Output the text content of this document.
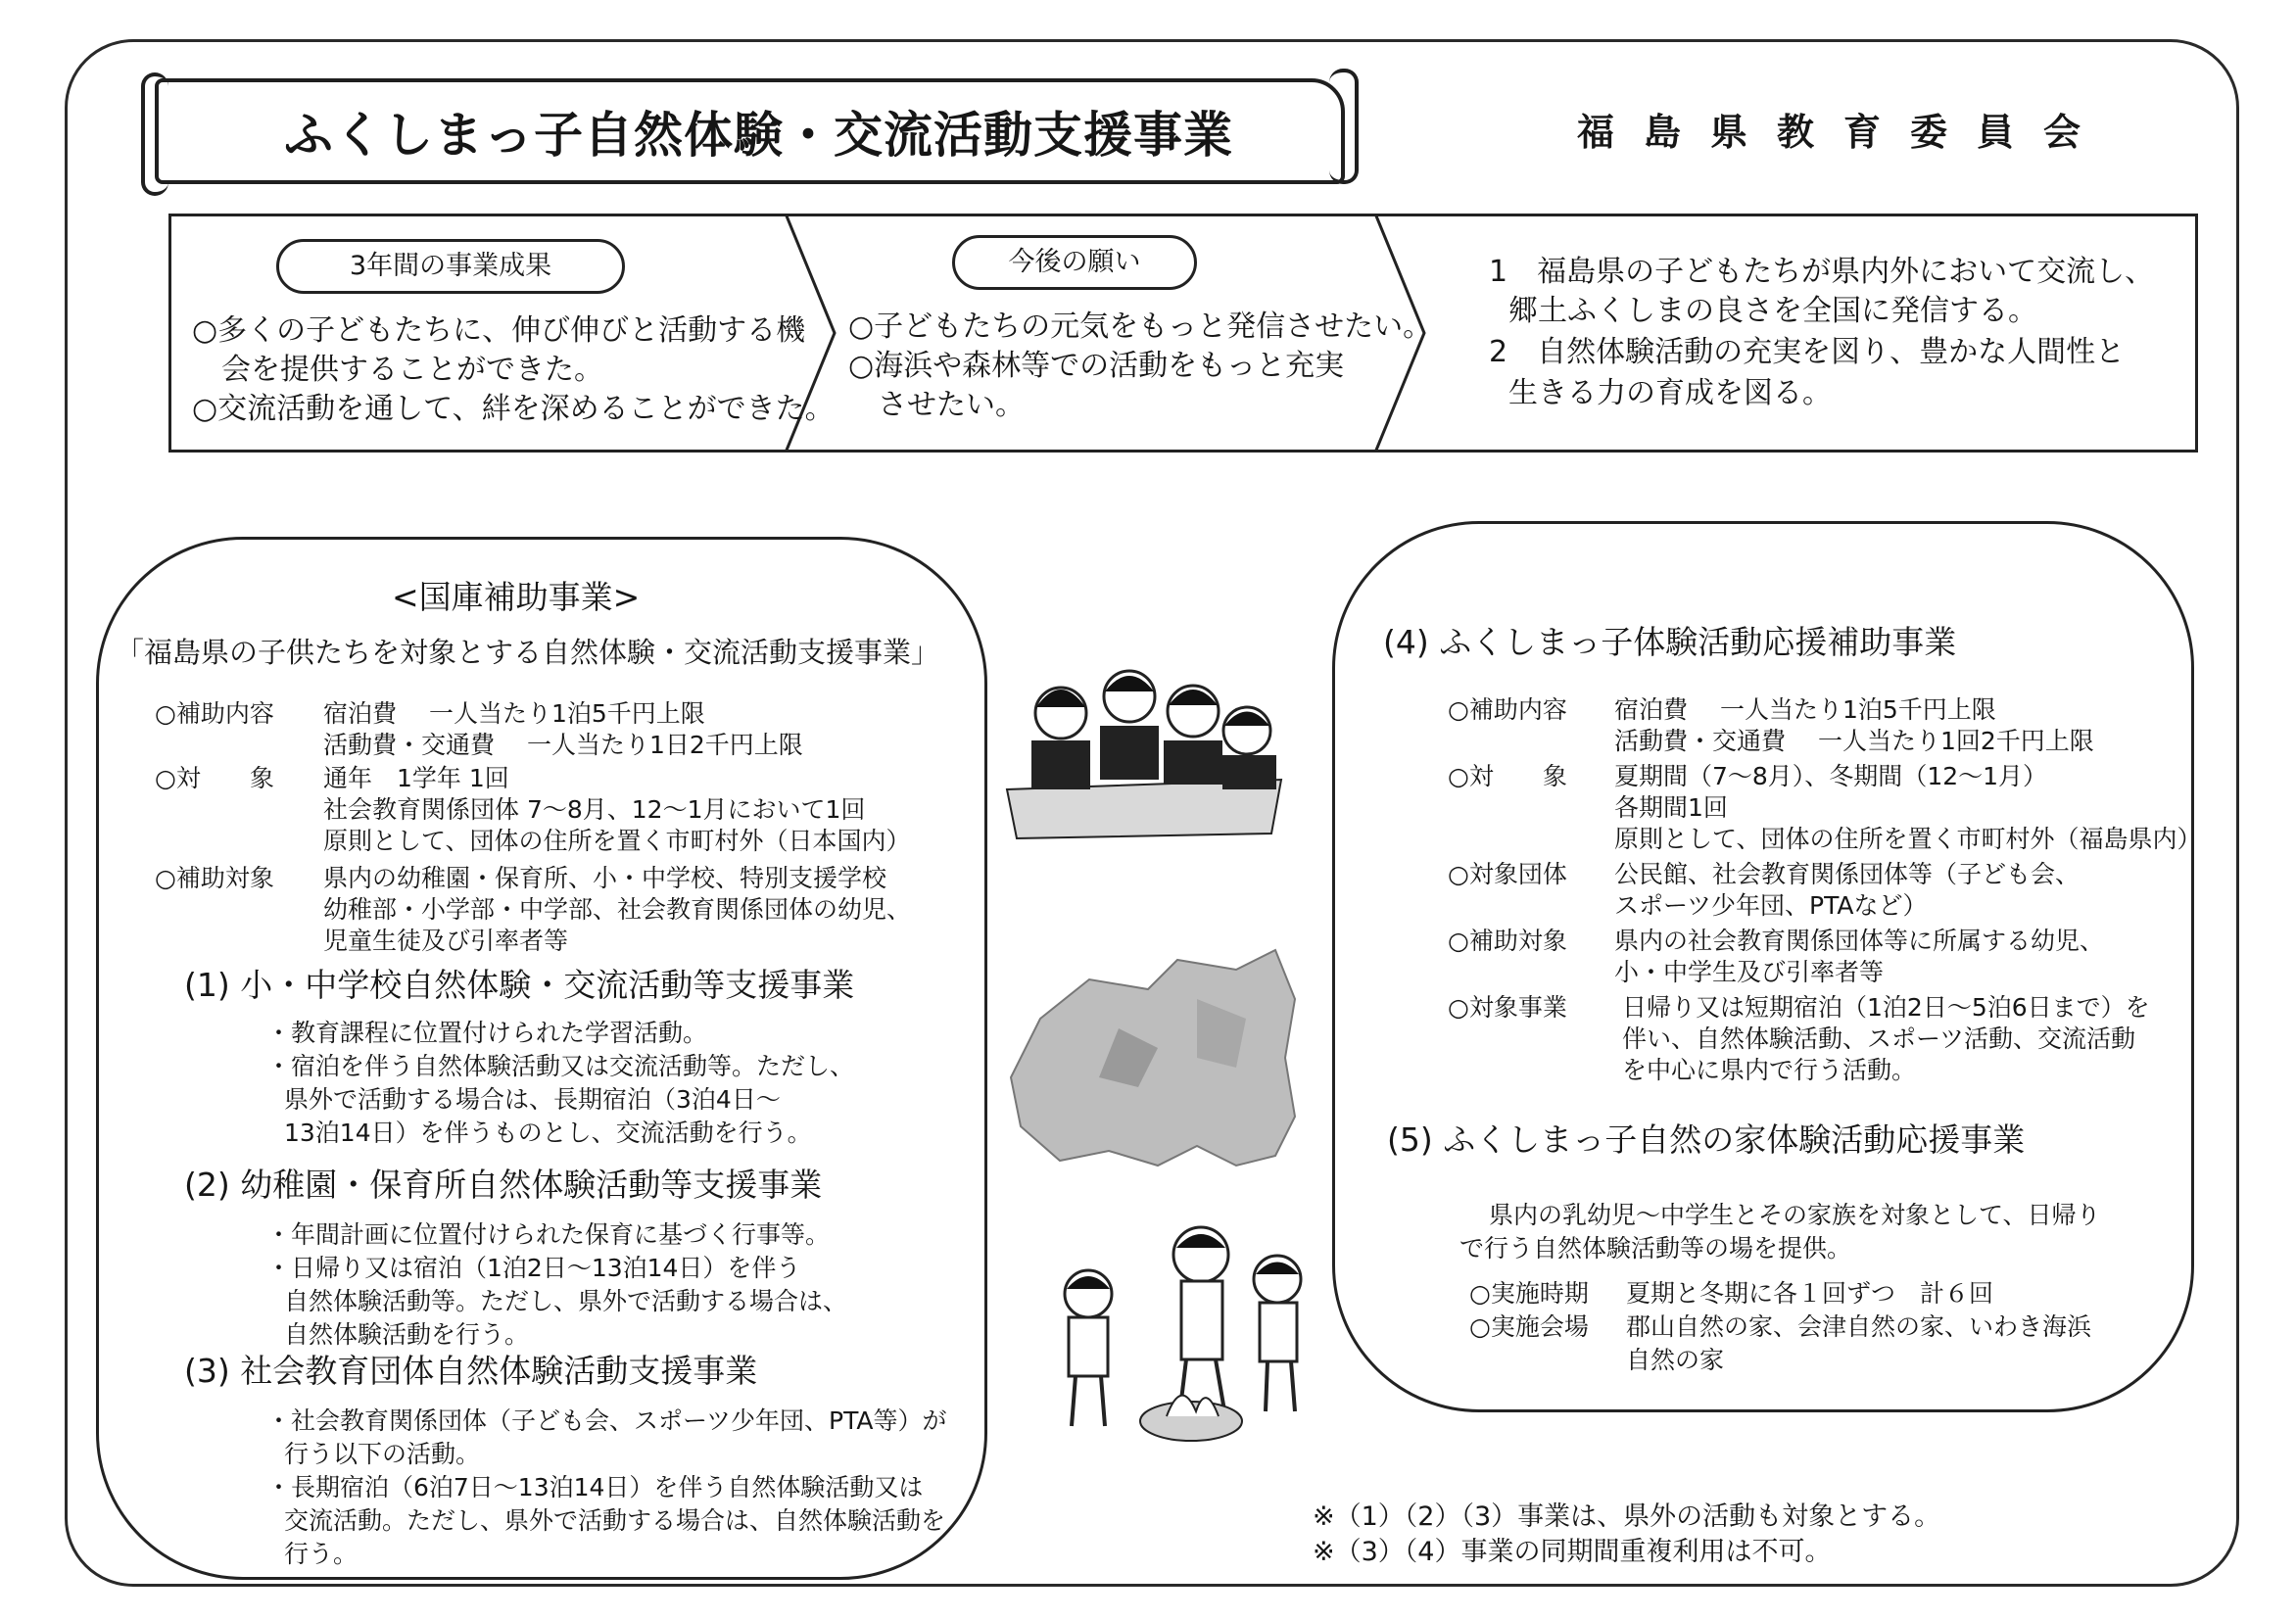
ふくしまっ子自然体験・交流活動支援事業	福島県教育委員会
3年間の事業成果
○多くの子どもたちに、伸び伸びと活動する機
会を提供することができた。
○交流活動を通して、絆を深めることができた。
今後の願い
○子どもたちの元気をもっと発信させたい。
○海浜や森林等での活動をもっと充実
させたい。
1　福島県の子どもたちが県内外において交流し、
郷土ふくしまの良さを全国に発信する。
2　自然体験活動の充実を図り、豊かな人間性と
生きる力の育成を図る。
<国庫補助事業>
「福島県の子供たちを対象とする自然体験・交流活動支援事業」
○補助内容 宿泊費　 一人当たり1泊5千円上限
活動費・交通費　 一人当たり1日2千円上限
○対　　象 通年　1学年 1回
社会教育関係団体 7～8月、12～1月において1回
原則として、団体の住所を置く市町村外（日本国内）
○補助対象 県内の幼稚園・保育所、小・中学校、特別支援学校
幼稚部・小学部・中学部、社会教育関係団体の幼児、
児童生徒及び引率者等
(1) 小・中学校自然体験・交流活動等支援事業
・教育課程に位置付けられた学習活動。
・宿泊を伴う自然体験活動又は交流活動等。ただし、
県外で活動する場合は、長期宿泊（3泊4日～
13泊14日）を伴うものとし、交流活動を行う。
(2) 幼稚園・保育所自然体験活動等支援事業
・年間計画に位置付けられた保育に基づく行事等。
・日帰り又は宿泊（1泊2日～13泊14日）を伴う
自然体験活動等。ただし、県外で活動する場合は、
自然体験活動を行う。
(3) 社会教育団体自然体験活動支援事業
・社会教育関係団体（子ども会、スポーツ少年団、PTA等）が
行う以下の活動。
・長期宿泊（6泊7日～13泊14日）を伴う自然体験活動又は
交流活動。ただし、県外で活動する場合は、自然体験活動を
行う。
(4) ふくしまっ子体験活動応援補助事業
○補助内容 宿泊費　 一人当たり1泊5千円上限
活動費・交通費　 一人当たり1回2千円上限
○対　　象 夏期間（7～8月）、冬期間（12～1月）
各期間1回
原則として、団体の住所を置く市町村外（福島県内）
○対象団体 公民館、社会教育関係団体等（子ども会、
スポーツ少年団、PTAなど）
○補助対象 県内の社会教育関係団体等に所属する幼児、
小・中学生及び引率者等
○対象事業 日帰り又は短期宿泊（1泊2日～5泊6日まで）を
伴い、自然体験活動、スポーツ活動、交流活動
を中心に県内で行う活動。
(5) ふくしまっ子自然の家体験活動応援事業
県内の乳幼児～中学生とその家族を対象として、日帰り
で行う自然体験活動等の場を提供。
○実施時期 夏期と冬期に各１回ずつ　計６回
○実施会場 郡山自然の家、会津自然の家、いわき海浜
自然の家
※（1）（2）（3）事業は、県外の活動も対象とする。
※（3）（4）事業の同期間重複利用は不可。
